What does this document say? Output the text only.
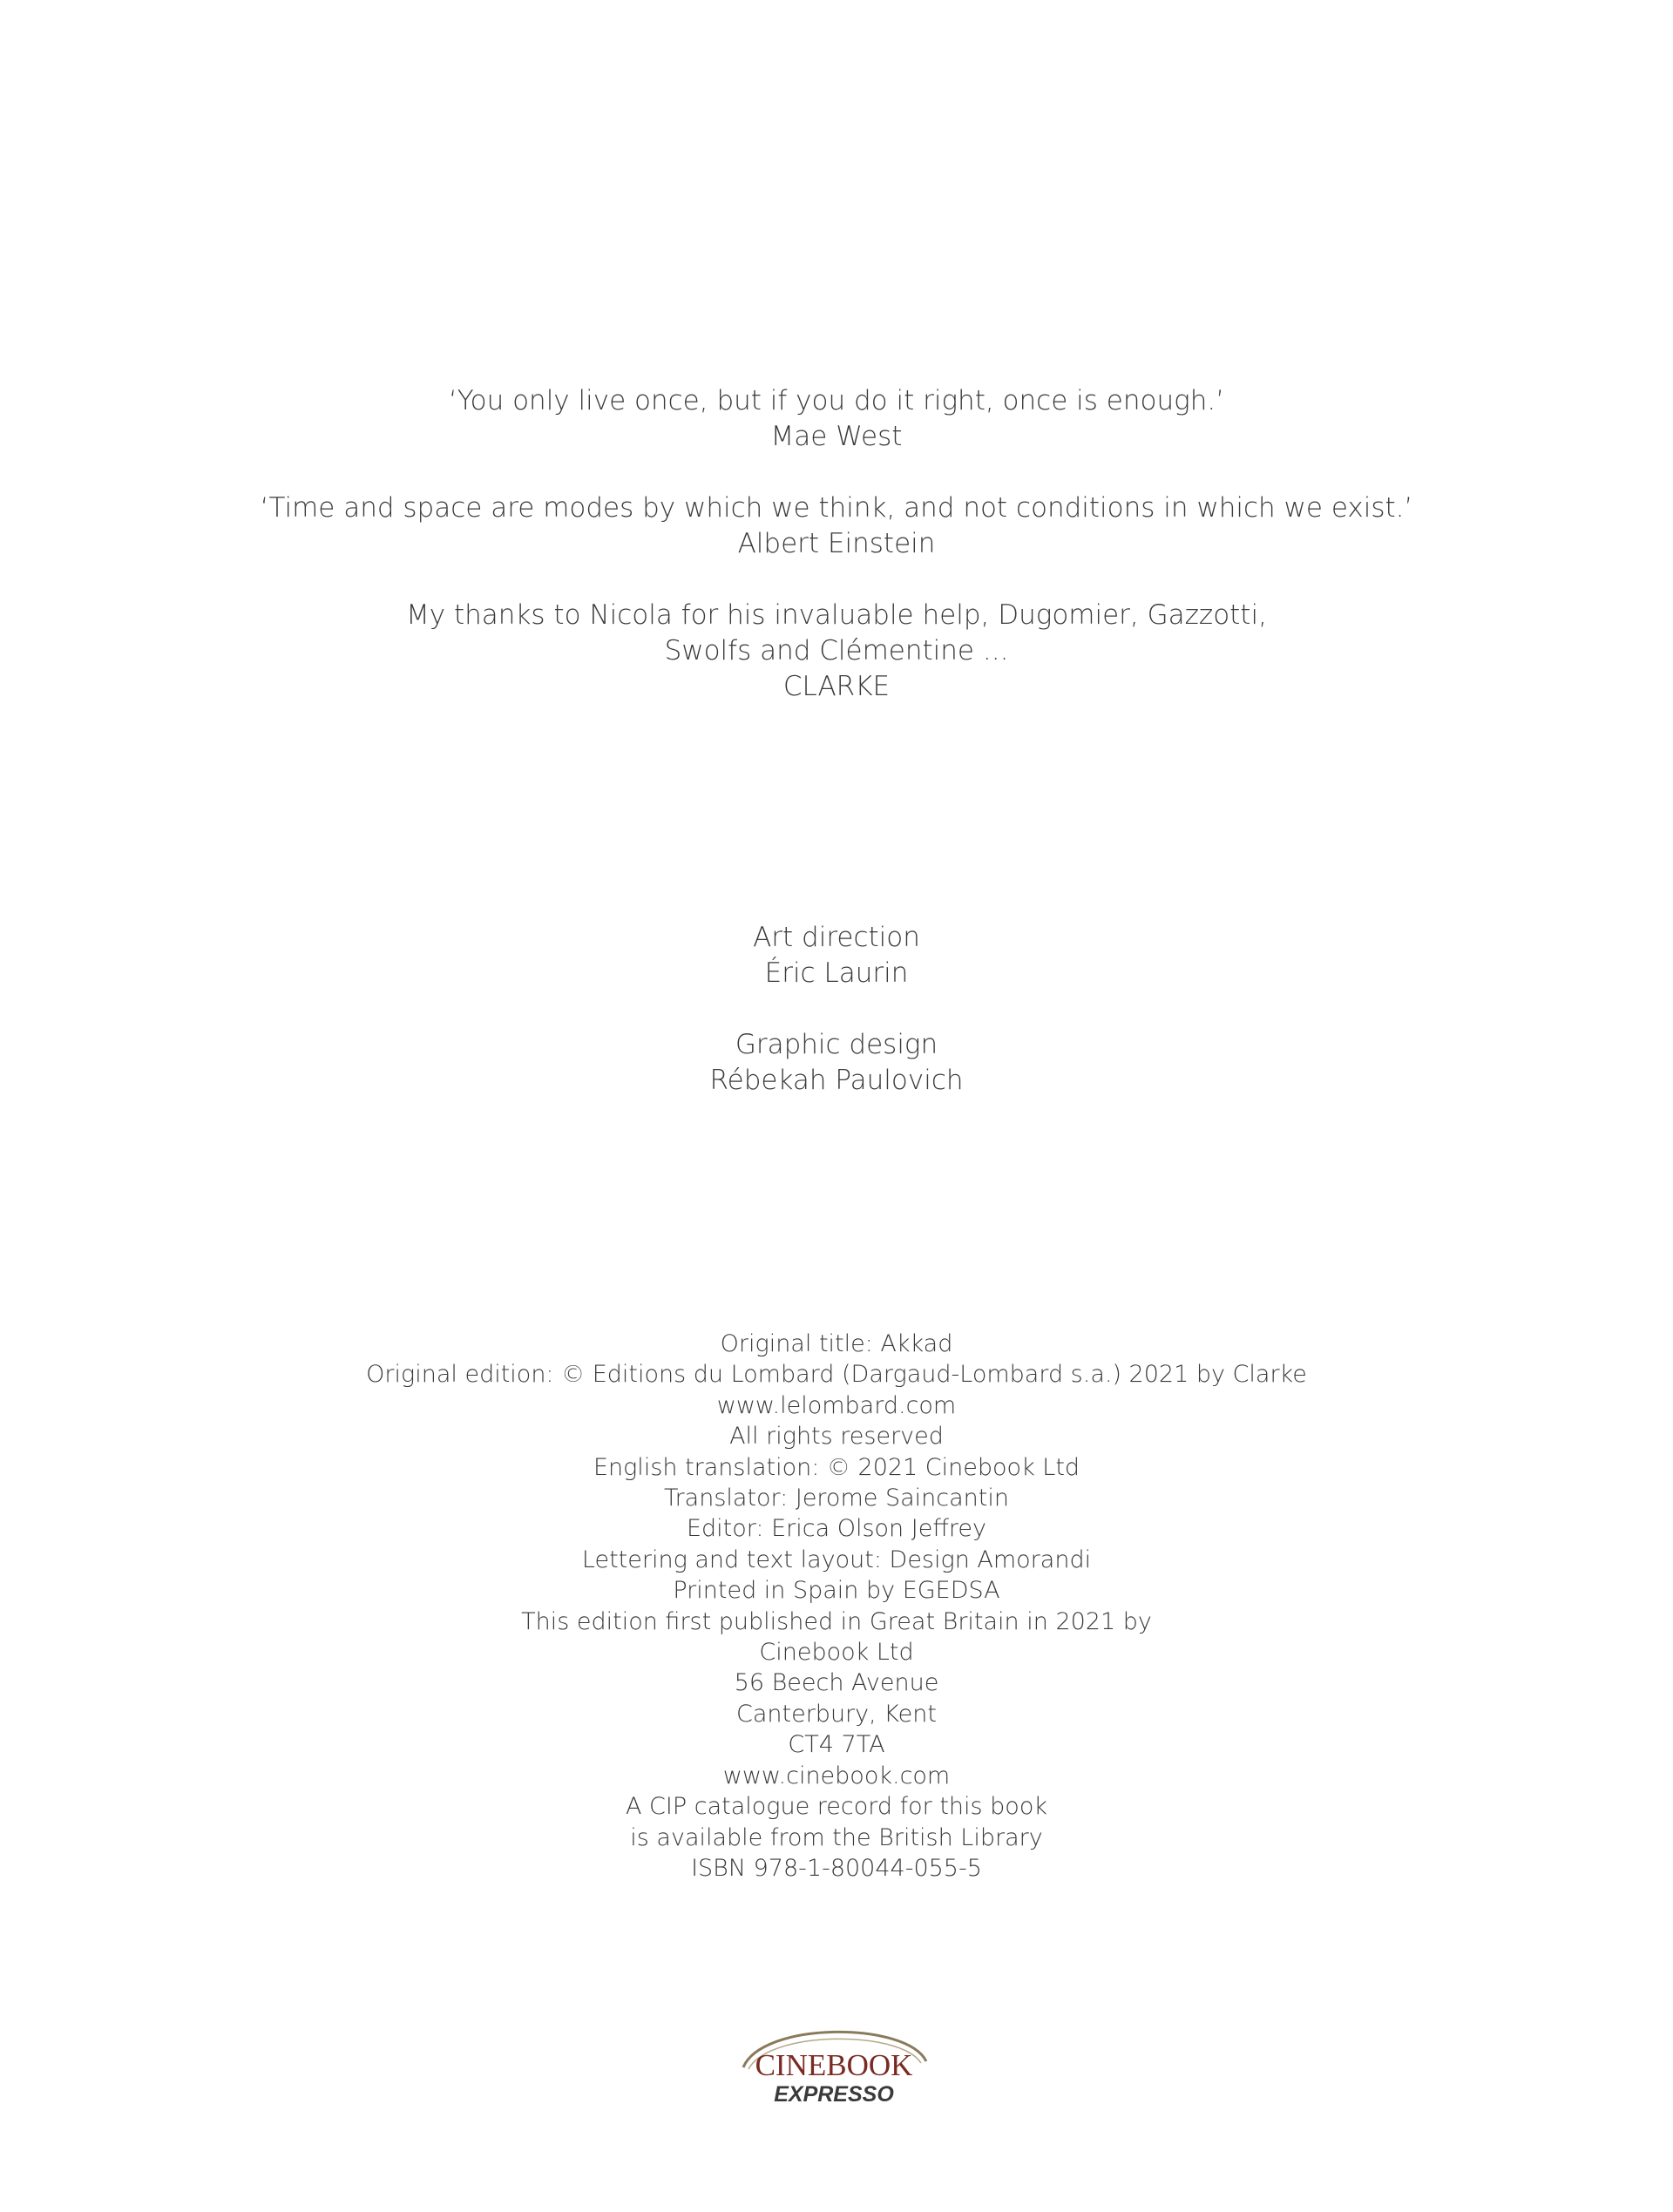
‘You only live once, but if you do it right, once is enough.’
Mae West
‘Time and space are modes by which we think, and not conditions in which we exist.’
Albert Einstein
My thanks to Nicola for his invaluable help, Dugomier, Gazzotti,
Swolfs and Clémentine ...
CLARKE
Art direction
Éric Laurin
Graphic design
Rébekah Paulovich
Original title: Akkad
Original edition: © Editions du Lombard (Dargaud-Lombard s.a.) 2021 by Clarke
www.lelombard.com
All rights reserved
English translation: © 2021 Cinebook Ltd
Translator: Jerome Saincantin
Editor: Erica Olson Jeffrey
Lettering and text layout: Design Amorandi
Printed in Spain by EGEDSA
This edition first published in Great Britain in 2021 by
Cinebook Ltd
56 Beech Avenue
Canterbury, Kent
CT4 7TA
www.cinebook.com
A CIP catalogue record for this book
is available from the British Library
ISBN 978-1-80044-055-5
CINEBOOK
EXPRESSO
